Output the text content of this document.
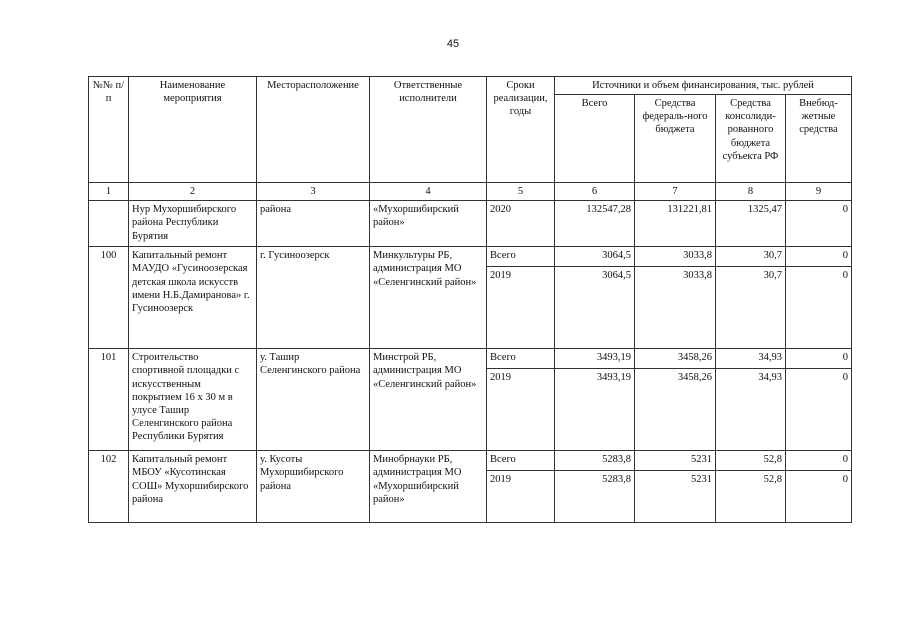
45
№№ п/п	Наименование мероприятия	Месторасположение	Ответственные исполнители	Сроки реализации, годы	Источники и объем финансирования, тыс. рублей			
					Всего	Средства федераль-ного бюджета	Средства консолиди-рованного бюджета субъекта РФ	Внебюд-жетные средства
1	2	3	4	5	6	7	8	9
	Нур Мухоршибирского района Республики Бурятия	района	«Мухоршибирский район»	2020	132547,28	131221,81	1325,47	0
100	Капитальный ремонт МАУДО «Гусиноозерская детская школа искусств имени Н.Б.Дамиранова» г. Гусиноозерск	г. Гусиноозерск	Минкультуры РБ, администрация МО «Селенгинский район»	Всего	3064,5	3033,8	30,7	0
				2019	3064,5	3033,8	30,7	0
101	Строительство спортивной площадки с искусственным покрытием 16 х 30 м в улусе Ташир Селенгинского района Республики Бурятия	у. Ташир Селенгинского района	Минстрой РБ, администрация МО «Селенгинский район»	Всего	3493,19	3458,26	34,93	0
				2019	3493,19	3458,26	34,93	0
102	Капитальный ремонт МБОУ «Кусотинская СОШ» Мухоршибирского района	у. Кусоты Мухоршибирского района	Минобрнауки РБ, администрация МО «Мухоршибирский район»	Всего	5283,8	5231	52,8	0
				2019	5283,8	5231	52,8	0
